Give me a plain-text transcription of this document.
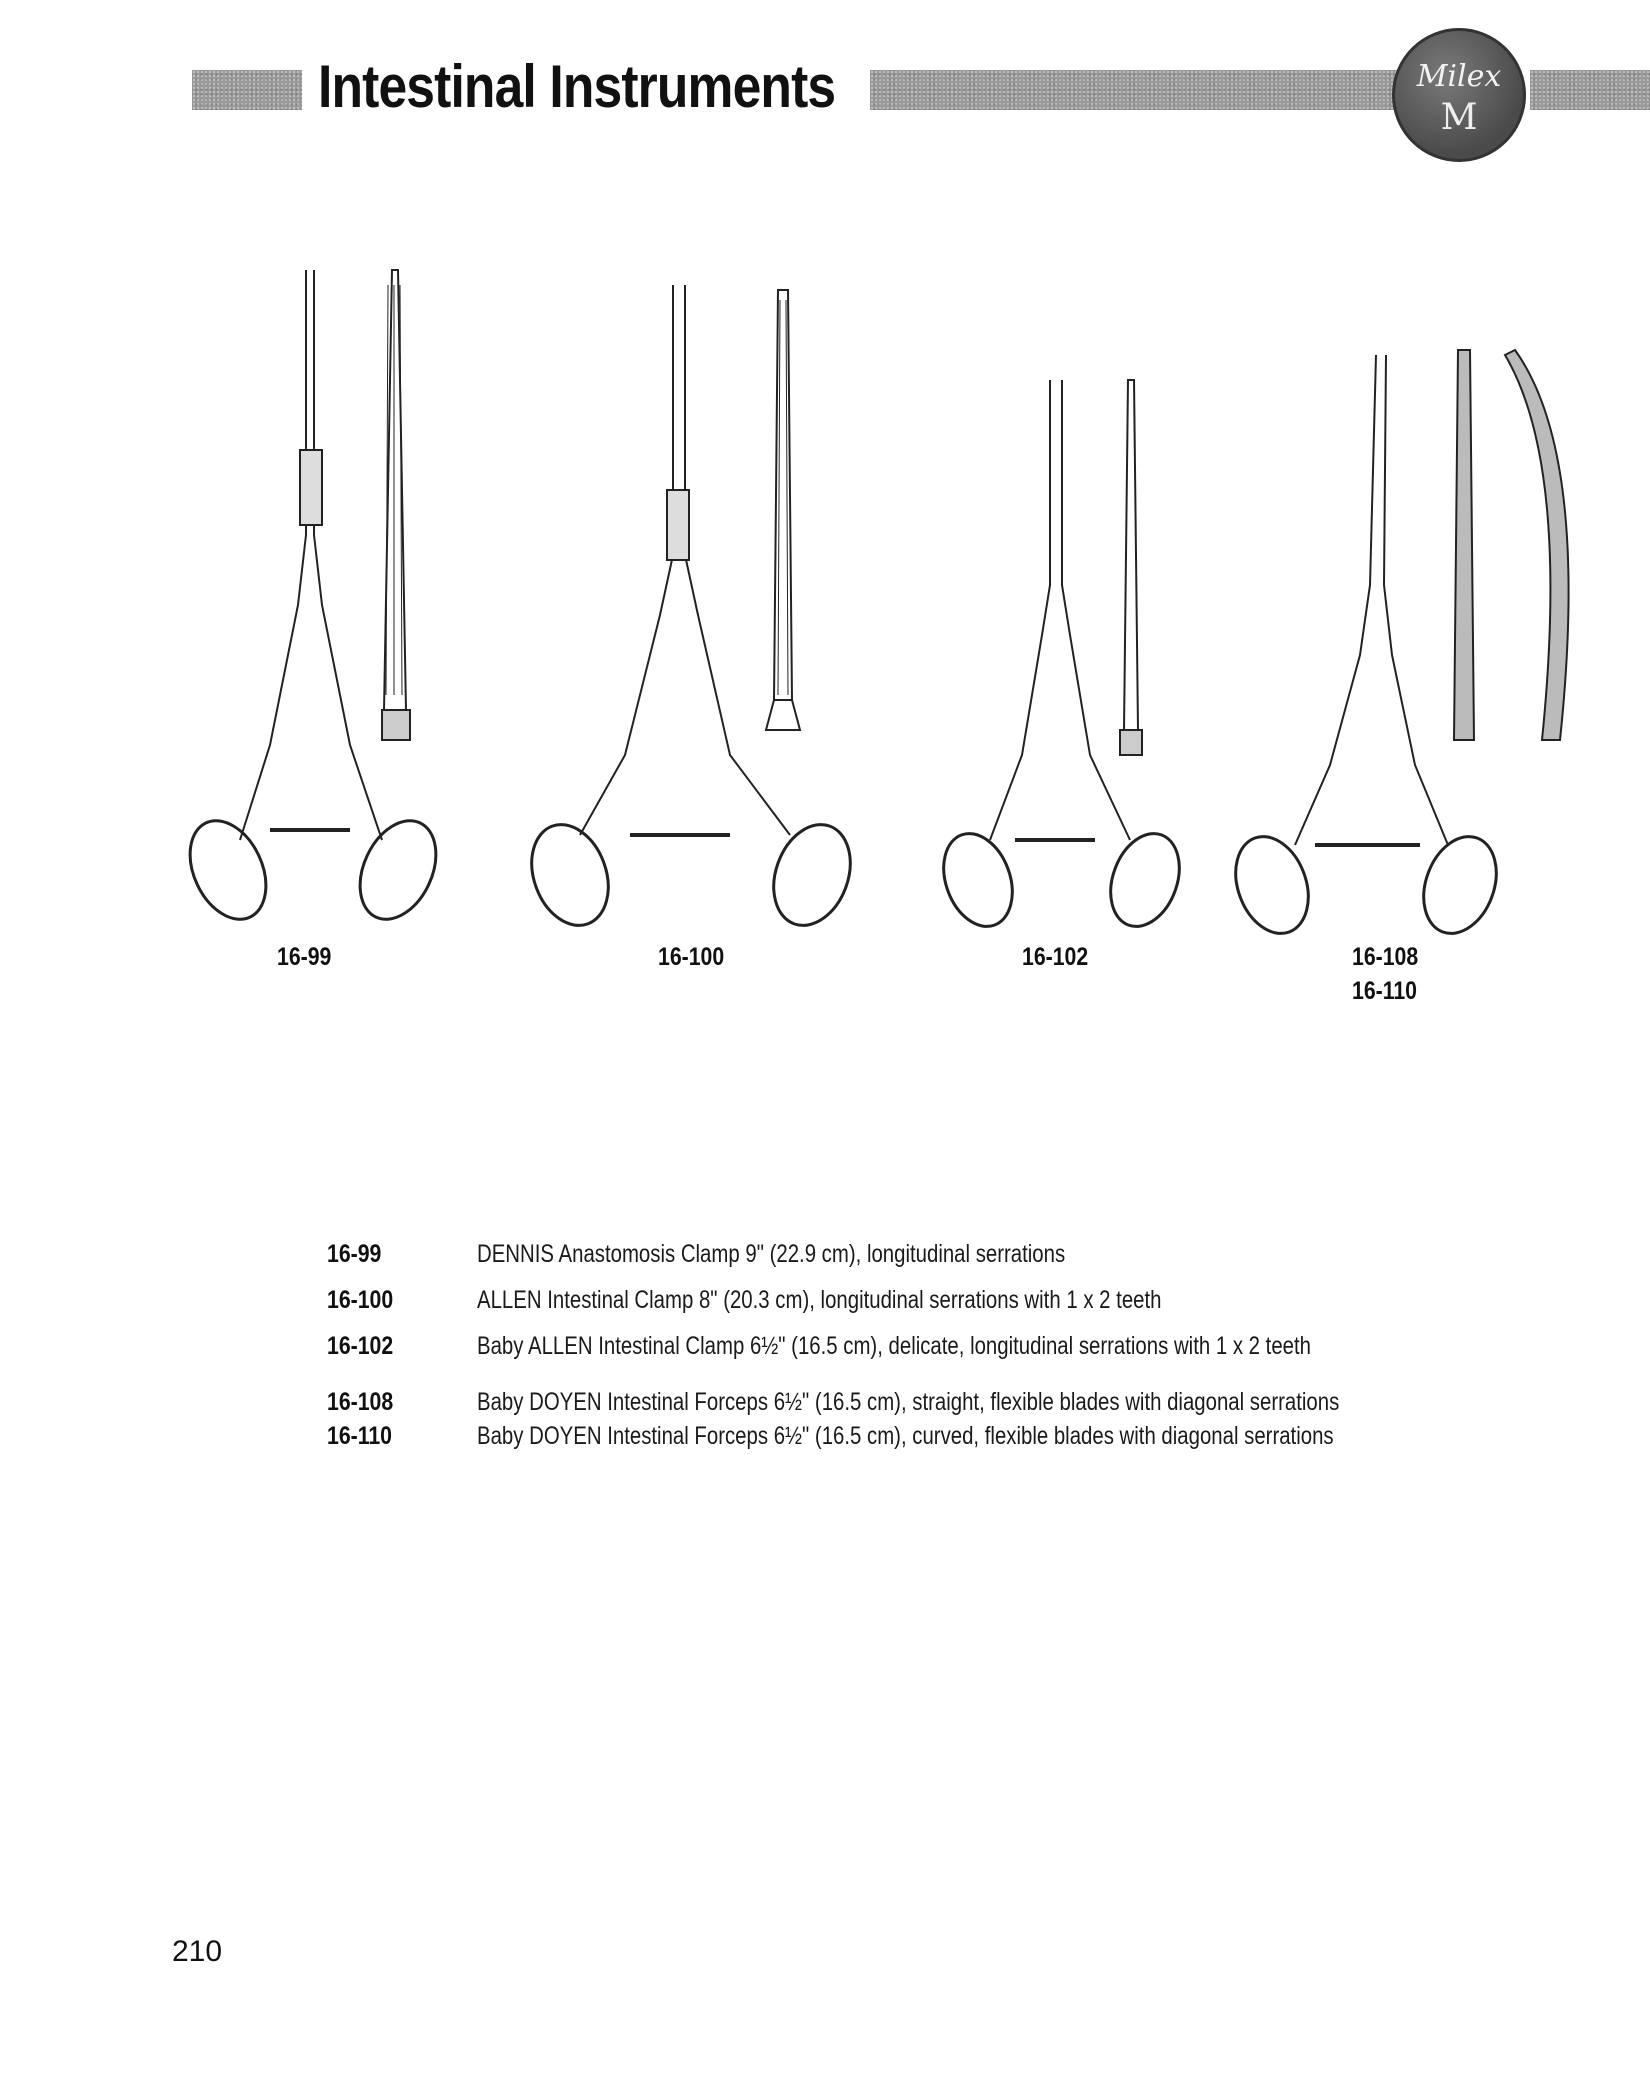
Intestinal Instruments	Milex
M
16-99	16-100	16-102	16-108
16-110
16-99	DENNIS Anastomosis Clamp 9" (22.9 cm), longitudinal serrations
16-100	ALLEN Intestinal Clamp 8" (20.3 cm), longitudinal serrations with 1 x 2 teeth
16-102	Baby ALLEN Intestinal Clamp 6½" (16.5 cm), delicate, longitudinal serrations with 1 x 2 teeth
16-108	Baby DOYEN Intestinal Forceps 6½" (16.5 cm), straight, flexible blades with diagonal serrations
16-110	Baby DOYEN Intestinal Forceps 6½" (16.5 cm), curved, flexible blades with diagonal serrations
210
